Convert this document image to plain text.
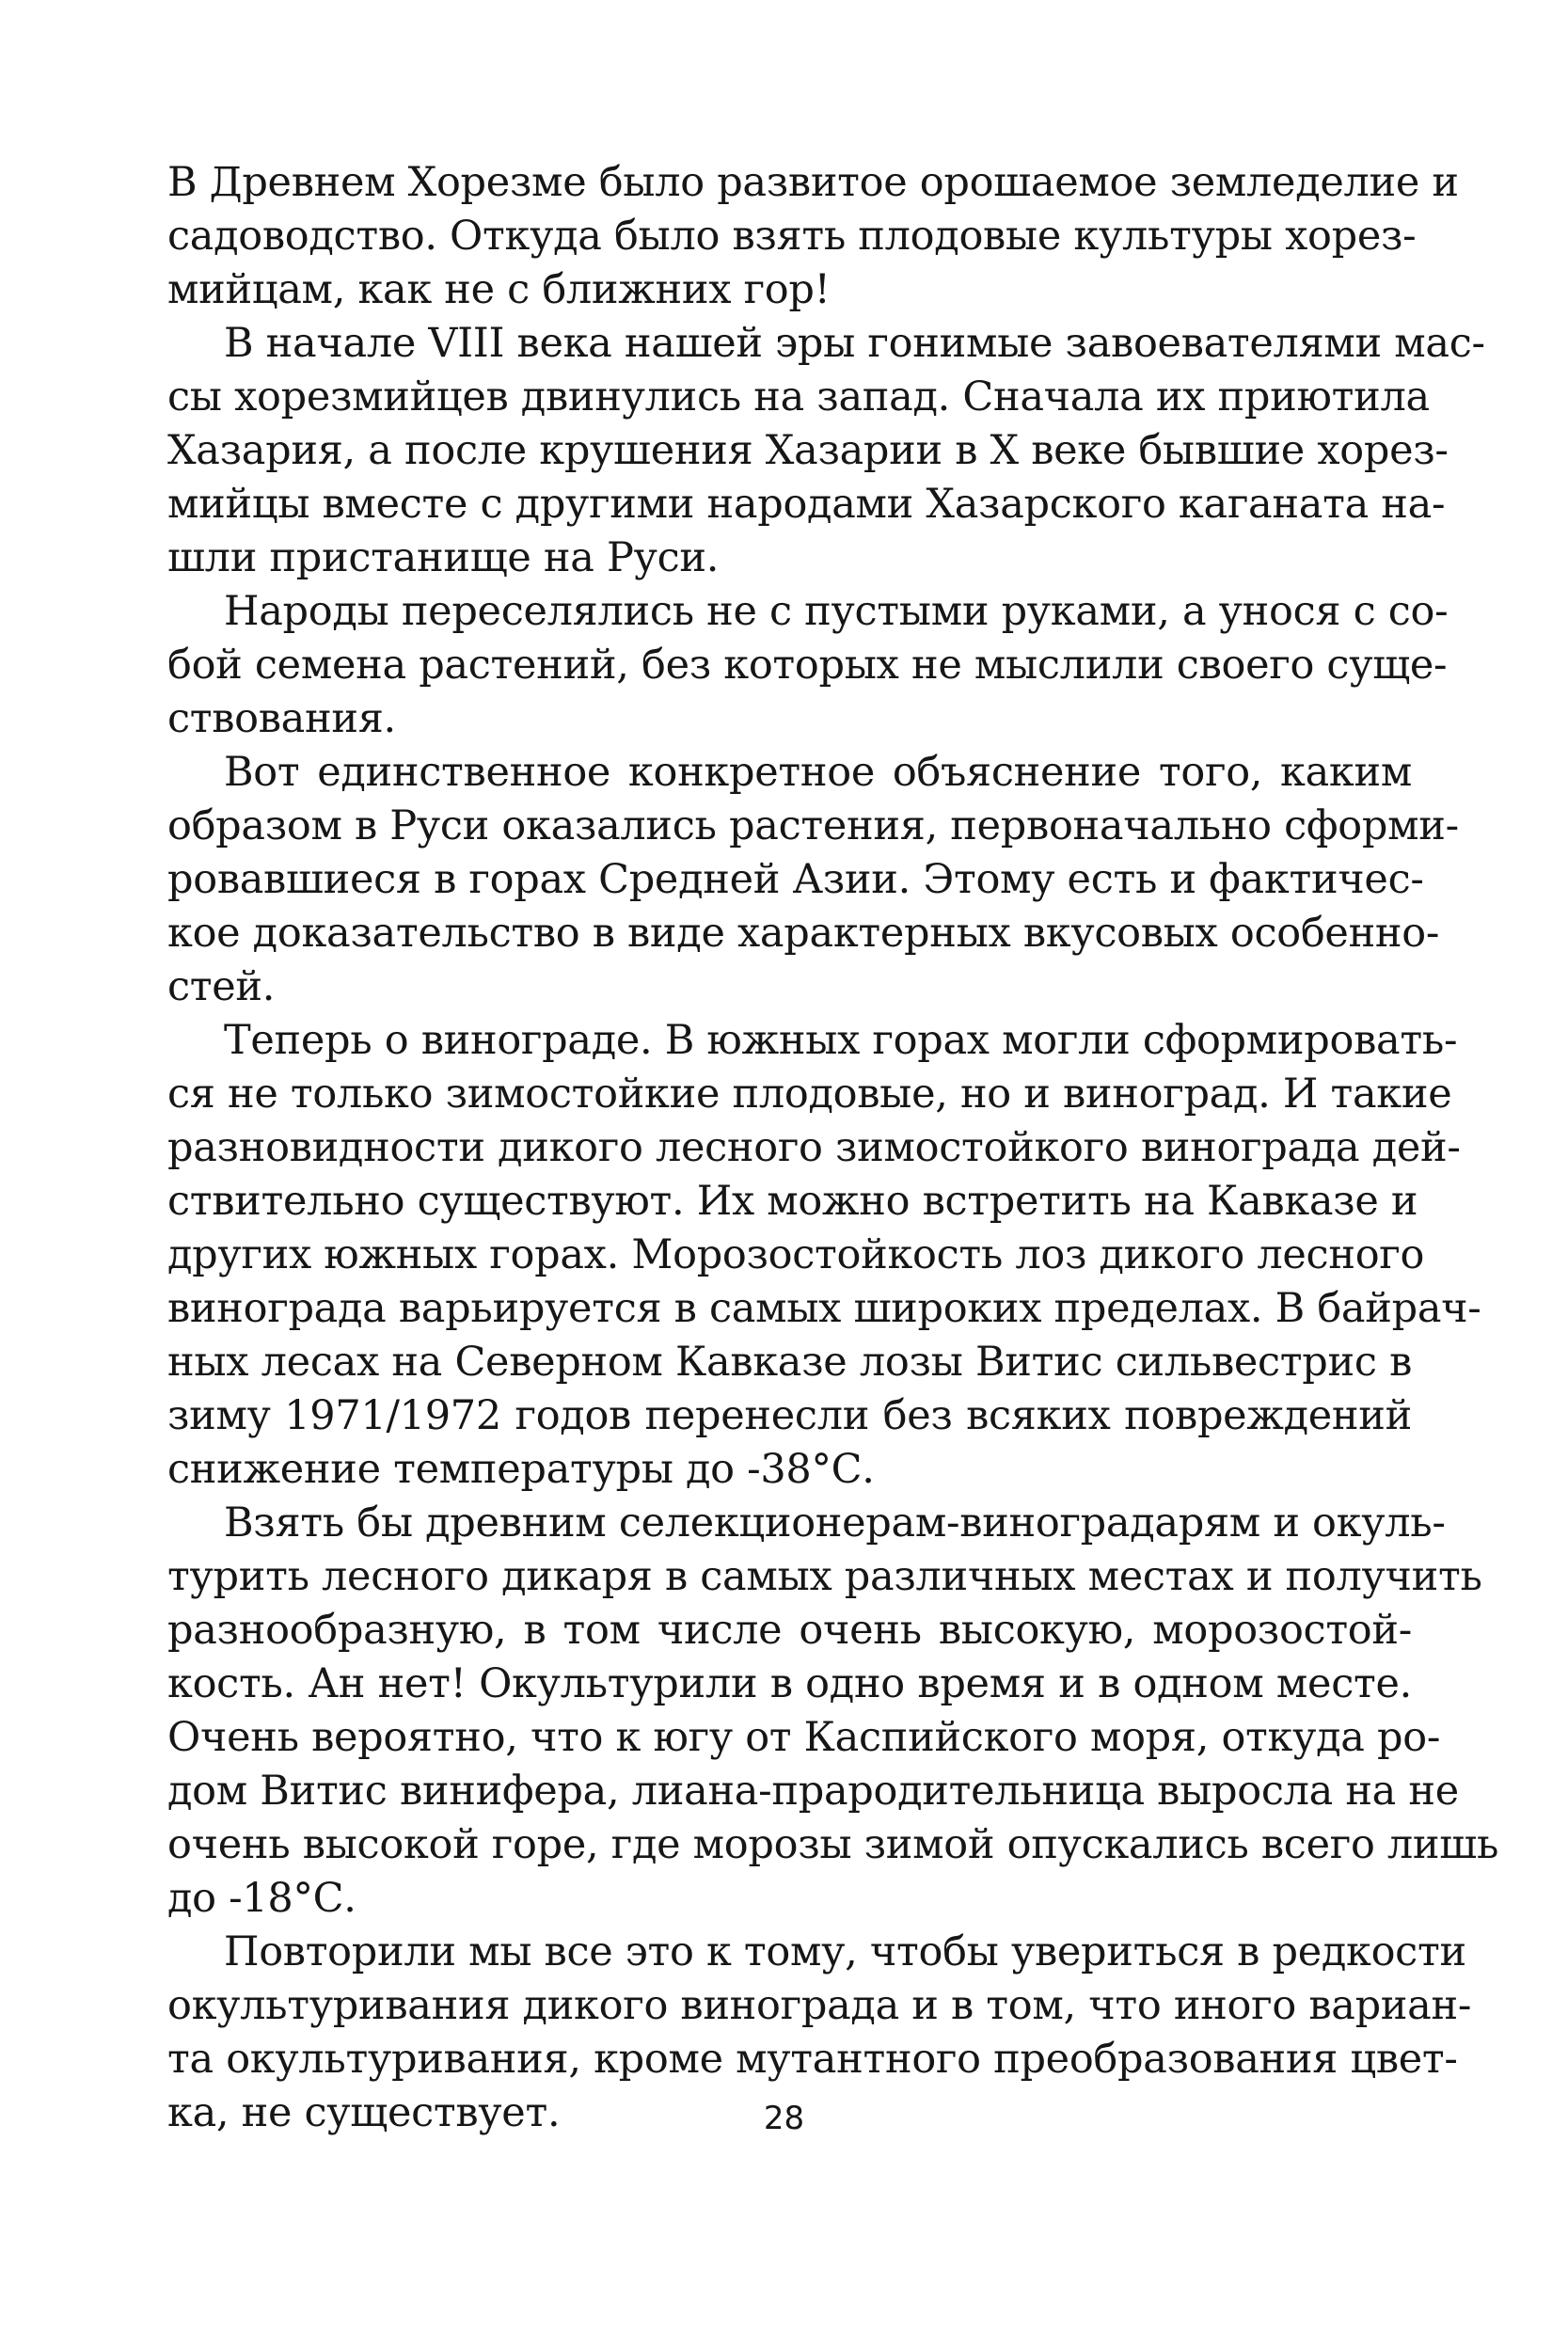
В Древнем Хорезме было развитое орошаемое земледелие и
садоводство. Откуда было взять плодовые культуры хорез-
мийцам, как не с ближних гор!

В начале VIII века нашей эры гонимые завоевателями мас-
сы хорезмийцев двинулись на запад. Сначала их приютила
Хазария, а после крушения Хазарии в X веке бывшие хорез-
мийцы вместе с другими народами Хазарского каганата на-
шли пристанище на Руси.

Народы переселялись не с пустыми руками, а унося с со-
бой семена растений, без которых не мыслили своего суще-
ствования.

Вот единственное конкретное объяснение того, каким
образом в Руси оказались растения, первоначально сформи-
ровавшиеся в горах Средней Азии. Этому есть и фактичес-
кое доказательство в виде характерных вкусовых особенно-
стей.

Теперь о винограде. В южных горах могли сформировать-
ся не только зимостойкие плодовые, но и виноград. И такие
разновидности дикого лесного зимостойкого винограда дей-
ствительно существуют. Их можно встретить на Кавказе и
других южных горах. Морозостойкость лоз дикого лесного
винограда варьируется в самых широких пределах. В байрач-
ных лесах на Северном Кавказе лозы Витис сильвестрис в
зиму 1971/1972 годов перенесли без всяких повреждений
снижение температуры до -38°С.

Взять бы древним селекционерам-виноградарям и окуль-
турить лесного дикаря в самых различных местах и получить
разнообразную, в том числе очень высокую, морозостой-
кость. Ан нет! Окультурили в одно время и в одном месте.
Очень вероятно, что к югу от Каспийского моря, откуда ро-
дом Витис винифера, лиана-прародительница выросла на не
очень высокой горе, где морозы зимой опускались всего лишь
до -18°С.

Повторили мы все это к тому, чтобы увериться в редкости
окультуривания дикого винограда и в том, что иного вариан-
та окультуривания, кроме мутантного преобразования цвет-
ка, не существует.	28
